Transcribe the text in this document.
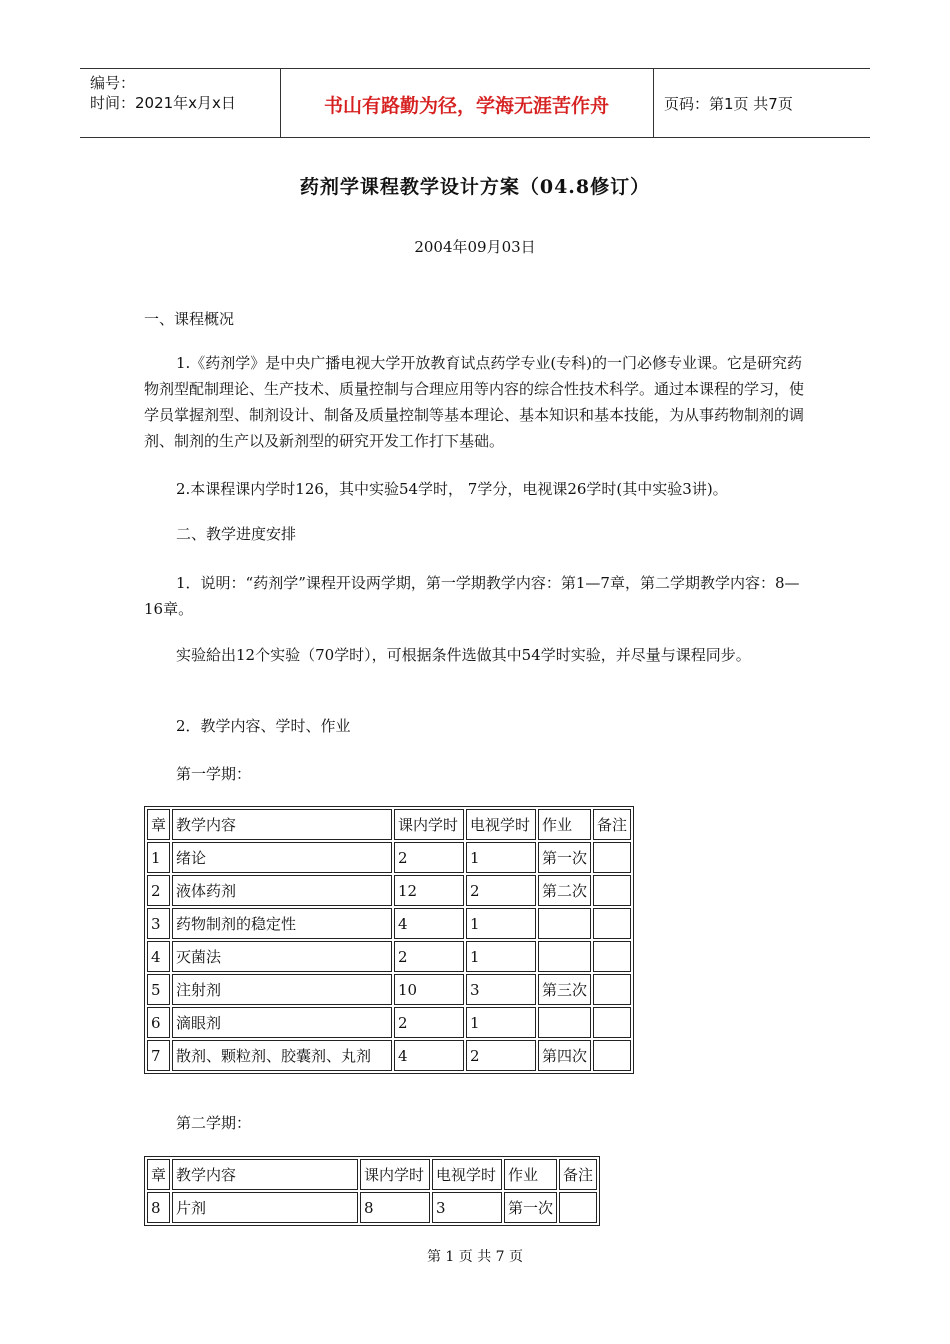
编号：
时间：2021年x月x日	书山有路勤为径，学海无涯苦作舟	页码：第1页 共7页
药剂学课程教学设计方案（04.8修订）
2004年09月03日

一、课程概况

1.《药剂学》是中央广播电视大学开放教育试点药学专业(专科)的一门必修专业课。它是研究药物剂型配制理论、生产技术、质量控制与合理应用等内容的综合性技术科学。通过本课程的学习，使学员掌握剂型、制剂设计、制备及质量控制等基本理论、基本知识和基本技能，为从事药物制剂的调剂、制剂的生产以及新剂型的研究开发工作打下基础。

2.本课程课内学时126，其中实验54学时， 7学分，电视课26学时(其中实验3讲)。

二、教学进度安排

1．说明：“药剂学”课程开设两学期，第一学期教学内容：第1—7章，第二学期教学内容：8—16章。

实验給出12个实验（70学时），可根据条件选做其中54学时实验，并尽量与课程同步。

2．教学内容、学时、作业

第一学期：

章	教学内容	课内学时	电视学时	作业	备注
1	绪论	2	1	第一次	
2	液体药剂	12	2	第二次	
3	药物制剂的稳定性	4	1		
4	灭菌法	2	1		
5	注射剂	10	3	第三次	
6	滴眼剂	2	1		
7	散剂、颗粒剂、胶囊剂、丸剂	4	2	第四次	

第二学期：

章	教学内容	课内学时	电视学时	作业	备注
8	片剂	8	3	第一次	
第 1 页 共 7 页
